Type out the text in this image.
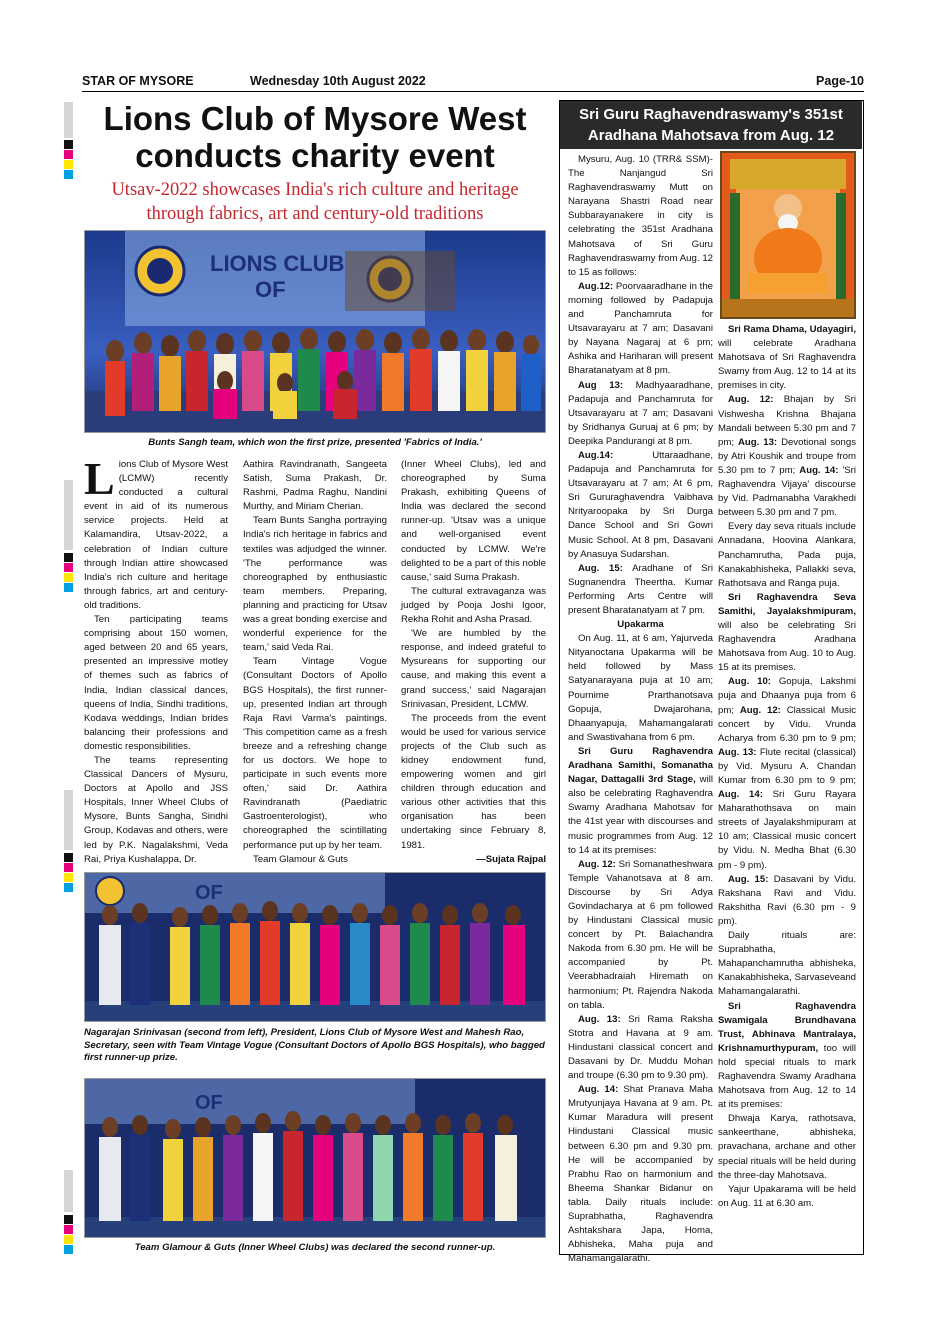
STAR OF MYSORE	Wednesday 10th August 2022	Page-10
Lions Club of Mysore West
conducts charity event
Utsav-2022 showcases India's rich culture and heritage
through fabrics, art and century-old traditions
LIONS CLUB
OF
Bunts Sangh team, which won the first prize, presented 'Fabrics of India.'

Lions Club of Mysore West (LCMW) recently conducted a cultural event in aid of its numerous service projects. Held at Kalamandira, Utsav-2022, a celebration of Indian culture through Indian attire showcased India's rich culture and heritage through fabrics, art and century-old traditions.

Ten participating teams comprising about 150 women, aged between 20 and 65 years, presented an impressive motley of themes such as fabrics of India, Indian classical dances, queens of India, Sindhi traditions, Kodava weddings, Indian brides balancing their professions and domestic responsibilities.

The teams representing Classical Dancers of Mysuru, Doctors at Apollo and JSS Hospitals, Inner Wheel Clubs of Mysore, Bunts Sangha, Sindhi Group, Kodavas and others, were led by P.K. Nagalakshmi, Veda Rai, Priya Kushalappa, Dr.

Aathira Ravindranath, Sangeeta Satish, Suma Prakash, Dr. Rashmi, Padma Raghu, Nandini Murthy, and Miriam Cherian.

Team Bunts Sangha portraying India's rich heritage in fabrics and textiles was adjudged the winner. 'The performance was choreographed by enthusiastic team members. Preparing, planning and practicing for Utsav was a great bonding exercise and wonderful experience for the team,' said Veda Rai.

Team Vintage Vogue (Consultant Doctors of Apollo BGS Hospitals), the first runner-up, presented Indian art through Raja Ravi Varma's paintings. 'This competition came as a fresh breeze and a refreshing change for us doctors. We hope to participate in such events more often,' said Dr. Aathira Ravindranath (Paediatric Gastroenterologist), who choreographed the scintillating performance put up by her team.

Team Glamour & Guts

(Inner Wheel Clubs), led and choreographed by Suma Prakash, exhibiting Queens of India was declared the second runner-up. 'Utsav was a unique and well-organised event conducted by LCMW. We're delighted to be a part of this noble cause,' said Suma Prakash.

The cultural extravaganza was judged by Pooja Joshi Igoor, Rekha Rohit and Asha Prasad.

'We are humbled by the response, and indeed grateful to Mysureans for supporting our cause, and making this event a grand success,' said Nagarajan Srinivasan, President, LCMW.

The proceeds from the event would be used for various service projects of the Club such as kidney endowment fund, empowering women and girl children through education and various other activities that this organisation has been undertaking since February 8, 1981.

—Sujata Rajpal
OF
Nagarajan Srinivasan (second from left), President, Lions Club of Mysore West and Mahesh Rao, Secretary, seen with Team Vintage Vogue (Consultant Doctors of Apollo BGS Hospitals), who bagged first runner-up prize.
OF
Team Glamour & Guts (Inner Wheel Clubs) was declared the second runner-up.
Sri Guru Raghavendraswamy's 351st
Aradhana Mahotsava from Aug. 12

Mysuru, Aug. 10 (TRR& SSM)- The Nanjangud Sri Raghavendraswamy Mutt on Narayana Shastri Road near Subbarayanakere in city is celebrating the 351st Aradhana Mahotsava of Sri Guru Raghavendraswamy from Aug. 12 to 15 as follows:

Aug.12: Poorvaaradhane in the morning followed by Padapuja and Panchamruta for Utsavarayaru at 7 am; Dasavani by Nayana Nagaraj at 6 pm; Ashika and Hariharan will present Bharatanatyam at 8 pm.

Aug 13: Madhyaaradhane, Padapuja and Panchamruta for Utsavarayaru at 7 am; Dasavani by Sridhanya Guruaj at 6 pm; by Deepika Pandurangi at 8 pm.

Aug.14:	Uttaraadhane, Padapuja and Panchamruta for Utsavarayaru at 7 am; At 6 pm, Sri Gururaghavendra Vaibhava Nrityaroopaka by Sri Durga Dance School and Sri Gowri Music School. At 8 pm, Dasavani by Anasuya Sudarshan.

Aug. 15: Aradhane of Sri Sugnanendra Theertha. Kumar Performing Arts Centre will present Bharatanatyam at 7 pm.

Upakarma

On Aug. 11, at 6 am, Yajurveda Nityanoctana Upakarma will be held followed by Mass Satyanarayana puja at 10 am; Pournime Prarthanotsava Gopuja, Dwajarohana, Dhaanyapuja, Mahamangalarati and Swastivahana from 6 pm.

Sri Guru Raghavendra Aradhana Samithi, Somanatha Nagar, Dattagalli 3rd Stage, will also be celebrating Raghavendra Swamy Aradhana Mahotsav for the 41st year with discourses and music programmes from Aug. 12 to 14 at its premises:

Aug. 12: Sri Somanatheshwara Temple Vahanotsava at 8 am. Discourse by Sri Adya Govindacharya at 6 pm followed by Hindustani Classical music concert by Pt. Balachandra Nakoda from 6.30 pm. He will be accompanied by Pt. Veerabhadraiah Hiremath on harmonium; Pt. Rajendra Nakoda on tabla.

Aug. 13: Sri Rama Raksha Stotra and Havana at 9 am. Hindustani classical concert and Dasavani by Dr. Muddu Mohan and troupe (6.30 pm to 9.30 pm).

Aug. 14: Shat Pranava Maha Mrutyunjaya Havana at 9 am. Pt. Kumar Maradura will present Hindustani Classical music between 6.30 pm and 9.30 pm. He will be accompanied by Prabhu Rao on harmonium and Bheema Shankar Bidanur on tabla. Daily rituals include: Suprabhatha, Raghavendra Ashtakshara Japa, Homa, Abhisheka, Maha puja and Mahamangalarathi.

Sri Rama Dhama, Udayagiri, will celebrate Aradhana Mahotsava of Sri Raghavendra Swamy from Aug. 12 to 14 at its premises in city.

Aug. 12: Bhajan by Sri Vishwesha Krishna Bhajana Mandali between 5.30 pm and 7 pm; Aug. 13: Devotional songs by Atri Koushik and troupe from 5.30 pm to 7 pm; Aug. 14: 'Sri Raghavendra Vijaya' discourse by Vid. Padmanabha Varakhedi between 5.30 pm and 7 pm.

Every day seva rituals include Annadana, Hoovina Alankara, Panchamrutha, Pada puja, Kanakabhisheka, Pallakki seva, Rathotsava and Ranga puja.

Sri Raghavendra Seva Samithi, Jayalakshmipuram, will also be celebrating Sri Raghavendra Aradhana Mahotsava from Aug. 10 to Aug. 15 at its premises.

Aug. 10: Gopuja, Lakshmi puja and Dhaanya puja from 6 pm; Aug. 12: Classical Music concert by Vidu. Vrunda Acharya from 6.30 pm to 9 pm; Aug. 13: Flute recital (classical) by Vid. Mysuru A. Chandan Kumar from 6.30 pm to 9 pm; Aug. 14: Sri Guru Rayara Maharathothsava on main streets of Jayalakshmipuram at 10 am; Classical music concert by Vidu. N. Medha Bhat (6.30 pm - 9 pm).

Aug. 15: Dasavani by Vidu. Rakshana Ravi and Vidu. Rakshitha Ravi (6.30 pm - 9 pm).

Daily rituals are: Suprabhatha, Mahapanchamrutha abhisheka, Kanakabhisheka, Sarvaseveand Mahamangalarathi.

Sri Raghavendra Swamigala Brundhavana Trust, Abhinava Mantralaya, Krishnamurthypuram, too will hold special rituals to mark Raghavendra Swamy Aradhana Mahotsava from Aug. 12 to 14 at its premises:

Dhwaja Karya, rathotsava, sankeerthane, abhisheka, pravachana, archane and other special rituals will be held during the three-day Mahotsava.

Yajur Upakarama will be held on Aug. 11 at 6.30 am.
